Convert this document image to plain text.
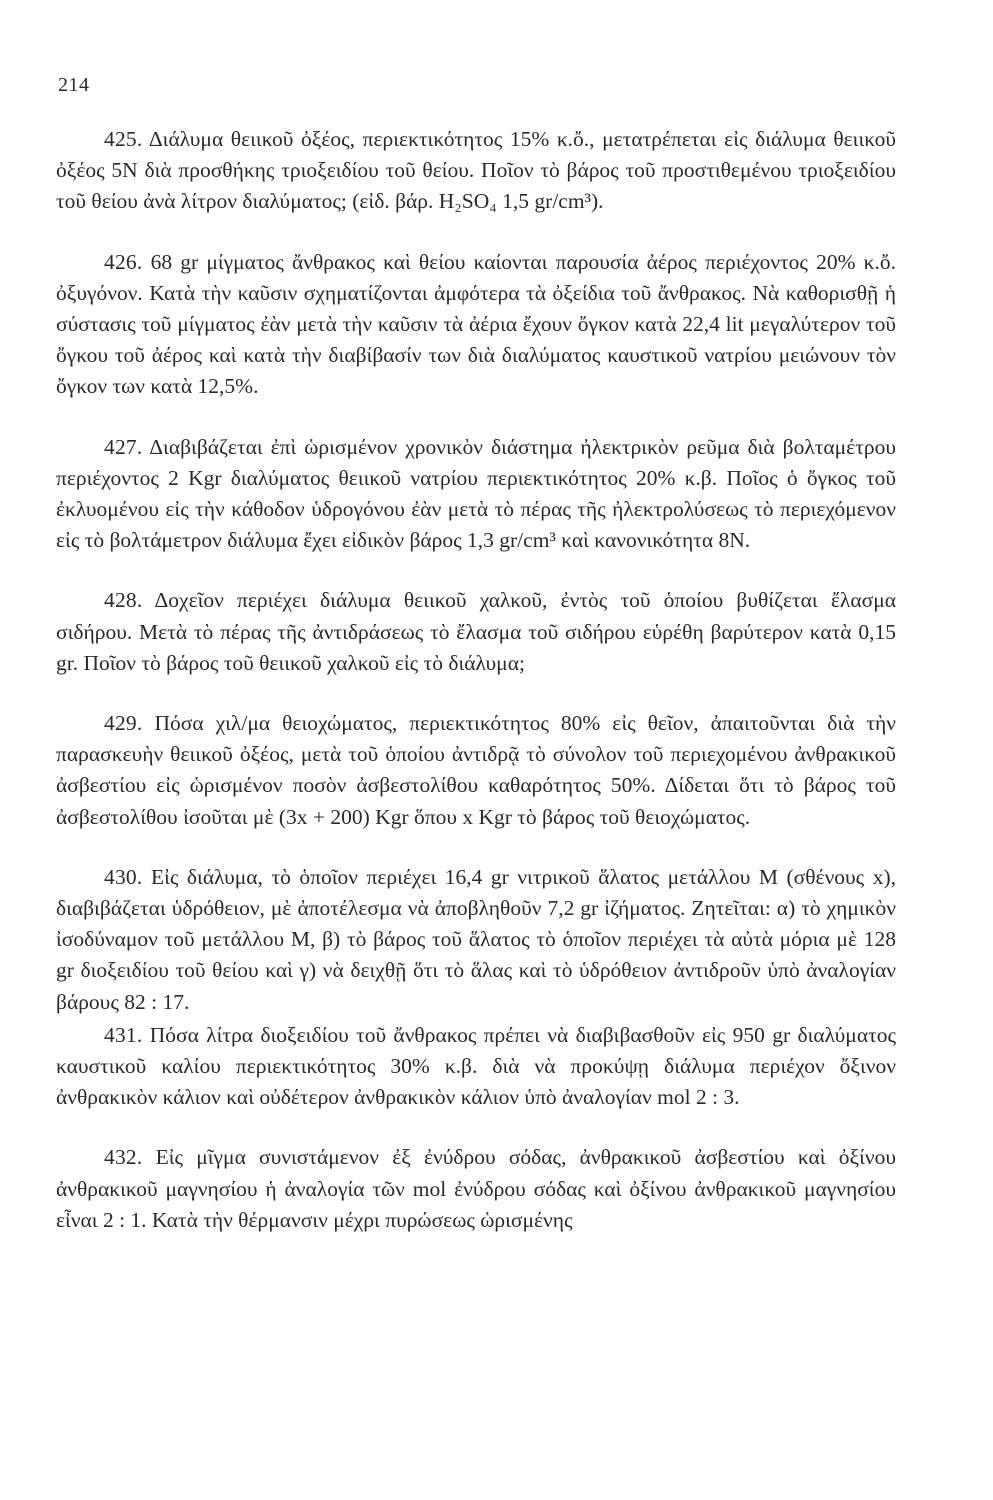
214

425. Διάλυμα θειικοῦ ὀξέος, περιεκτικότητος 15% κ.ὄ., μετατρέπεται εἰς διάλυμα θειικοῦ ὀξέος 5Ν διὰ προσθήκης τριοξειδίου τοῦ θείου. Ποῖον τὸ βάρος τοῦ προστιθεμένου τριοξειδίου τοῦ θείου ἀνὰ λίτρον διαλύματος; (εἰδ. βάρ. H₂SO₄ 1,5 gr/cm³).

426. 68 gr μίγματος ἄνθρακος καὶ θείου καίονται παρουσία ἀέρος περιέχοντος 20% κ.ὄ. ὀξυγόνον. Κατὰ τὴν καῦσιν σχηματίζονται ἀμφότερα τὰ ὀξείδια τοῦ ἄνθρακος. Νὰ καθορισθῇ ἡ σύστασις τοῦ μίγματος ἐὰν μετὰ τὴν καῦσιν τὰ ἀέρια ἔχουν ὄγκον κατὰ 22,4 lit μεγαλύτερον τοῦ ὄγκου τοῦ ἀέρος καὶ κατὰ τὴν διαβίβασίν των διὰ διαλύματος καυστικοῦ νατρίου μειώνουν τὸν ὄγκον των κατὰ 12,5%.

427. Διαβιβάζεται ἐπὶ ὡρισμένον χρονικὸν διάστημα ἠλεκτρικὸν ρεῦμα διὰ βολταμέτρου περιέχοντος 2 Kgr διαλύματος θειικοῦ νατρίου περιεκτικότητος 20% κ.β. Ποῖος ὁ ὄγκος τοῦ ἐκλυομένου εἰς τὴν κάθοδον ὑδρογόνου ἐὰν μετὰ τὸ πέρας τῆς ἠλεκτρολύσεως τὸ περιεχόμενον εἰς τὸ βολτάμετρον διάλυμα ἔχει εἰδικὸν βάρος 1,3 gr/cm³ καὶ κανονικότητα 8Ν.

428. Δοχεῖον περιέχει διάλυμα θειικοῦ χαλκοῦ, ἐντὸς τοῦ ὁποίου βυθίζεται ἔλασμα σιδήρου. Μετὰ τὸ πέρας τῆς ἀντιδράσεως τὸ ἔλασμα τοῦ σιδήρου εὑρέθη βαρύτερον κατὰ 0,15 gr. Ποῖον τὸ βάρος τοῦ θειικοῦ χαλκοῦ εἰς τὸ διάλυμα;

429. Πόσα χιλ/μα θειοχώματος, περιεκτικότητος 80% εἰς θεῖον, ἀπαιτοῦνται διὰ τὴν παρασκευὴν θειικοῦ ὀξέος, μετὰ τοῦ ὁποίου ἀντιδρᾷ τὸ σύνολον τοῦ περιεχομένου ἀνθρακικοῦ ἀσβεστίου εἰς ὡρισμένον ποσὸν ἀσβεστολίθου καθαρότητος 50%. Δίδεται ὅτι τὸ βάρος τοῦ ἀσβεστολίθου ἰσοῦται μὲ (3x + 200) Kgr ὅπου x Kgr τὸ βάρος τοῦ θειοχώματος.

430. Εἰς διάλυμα, τὸ ὁποῖον περιέχει 16,4 gr νιτρικοῦ ἅλατος μετάλλου Μ (σθένους x), διαβιβάζεται ὑδρόθειον, μὲ ἀποτέλεσμα νὰ ἀποβληθοῦν 7,2 gr ἰζήματος. Ζητεῖται: α) τὸ χημικὸν ἰσοδύναμον τοῦ μετάλλου Μ, β) τὸ βάρος τοῦ ἅλατος τὸ ὁποῖον περιέχει τὰ αὐτὰ μόρια μὲ 128 gr διοξειδίου τοῦ θείου καὶ γ) νὰ δειχθῇ ὅτι τὸ ἅλας καὶ τὸ ὑδρόθειον ἀντιδροῦν ὑπὸ ἀναλογίαν βάρους 82 : 17.

431. Πόσα λίτρα διοξειδίου τοῦ ἄνθρακος πρέπει νὰ διαβιβασθοῦν εἰς 950 gr διαλύματος καυστικοῦ καλίου περιεκτικότητος 30% κ.β. διὰ νὰ προκύψῃ διάλυμα περιέχον ὄξινον ἀνθρακικὸν κάλιον καὶ οὐδέτερον ἀνθρακικὸν κάλιον ὑπὸ ἀναλογίαν mol 2 : 3.

432. Εἰς μῖγμα συνιστάμενον ἐξ ἐνύδρου σόδας, ἀνθρακικοῦ ἀσβεστίου καὶ ὀξίνου ἀνθρακικοῦ μαγνησίου ἡ ἀναλογία τῶν mol ἐνύδρου σόδας καὶ ὀξίνου ἀνθρακικοῦ μαγνησίου εἶναι 2 : 1. Κατὰ τὴν θέρμανσιν μέχρι πυρώσεως ὡρισμένης
